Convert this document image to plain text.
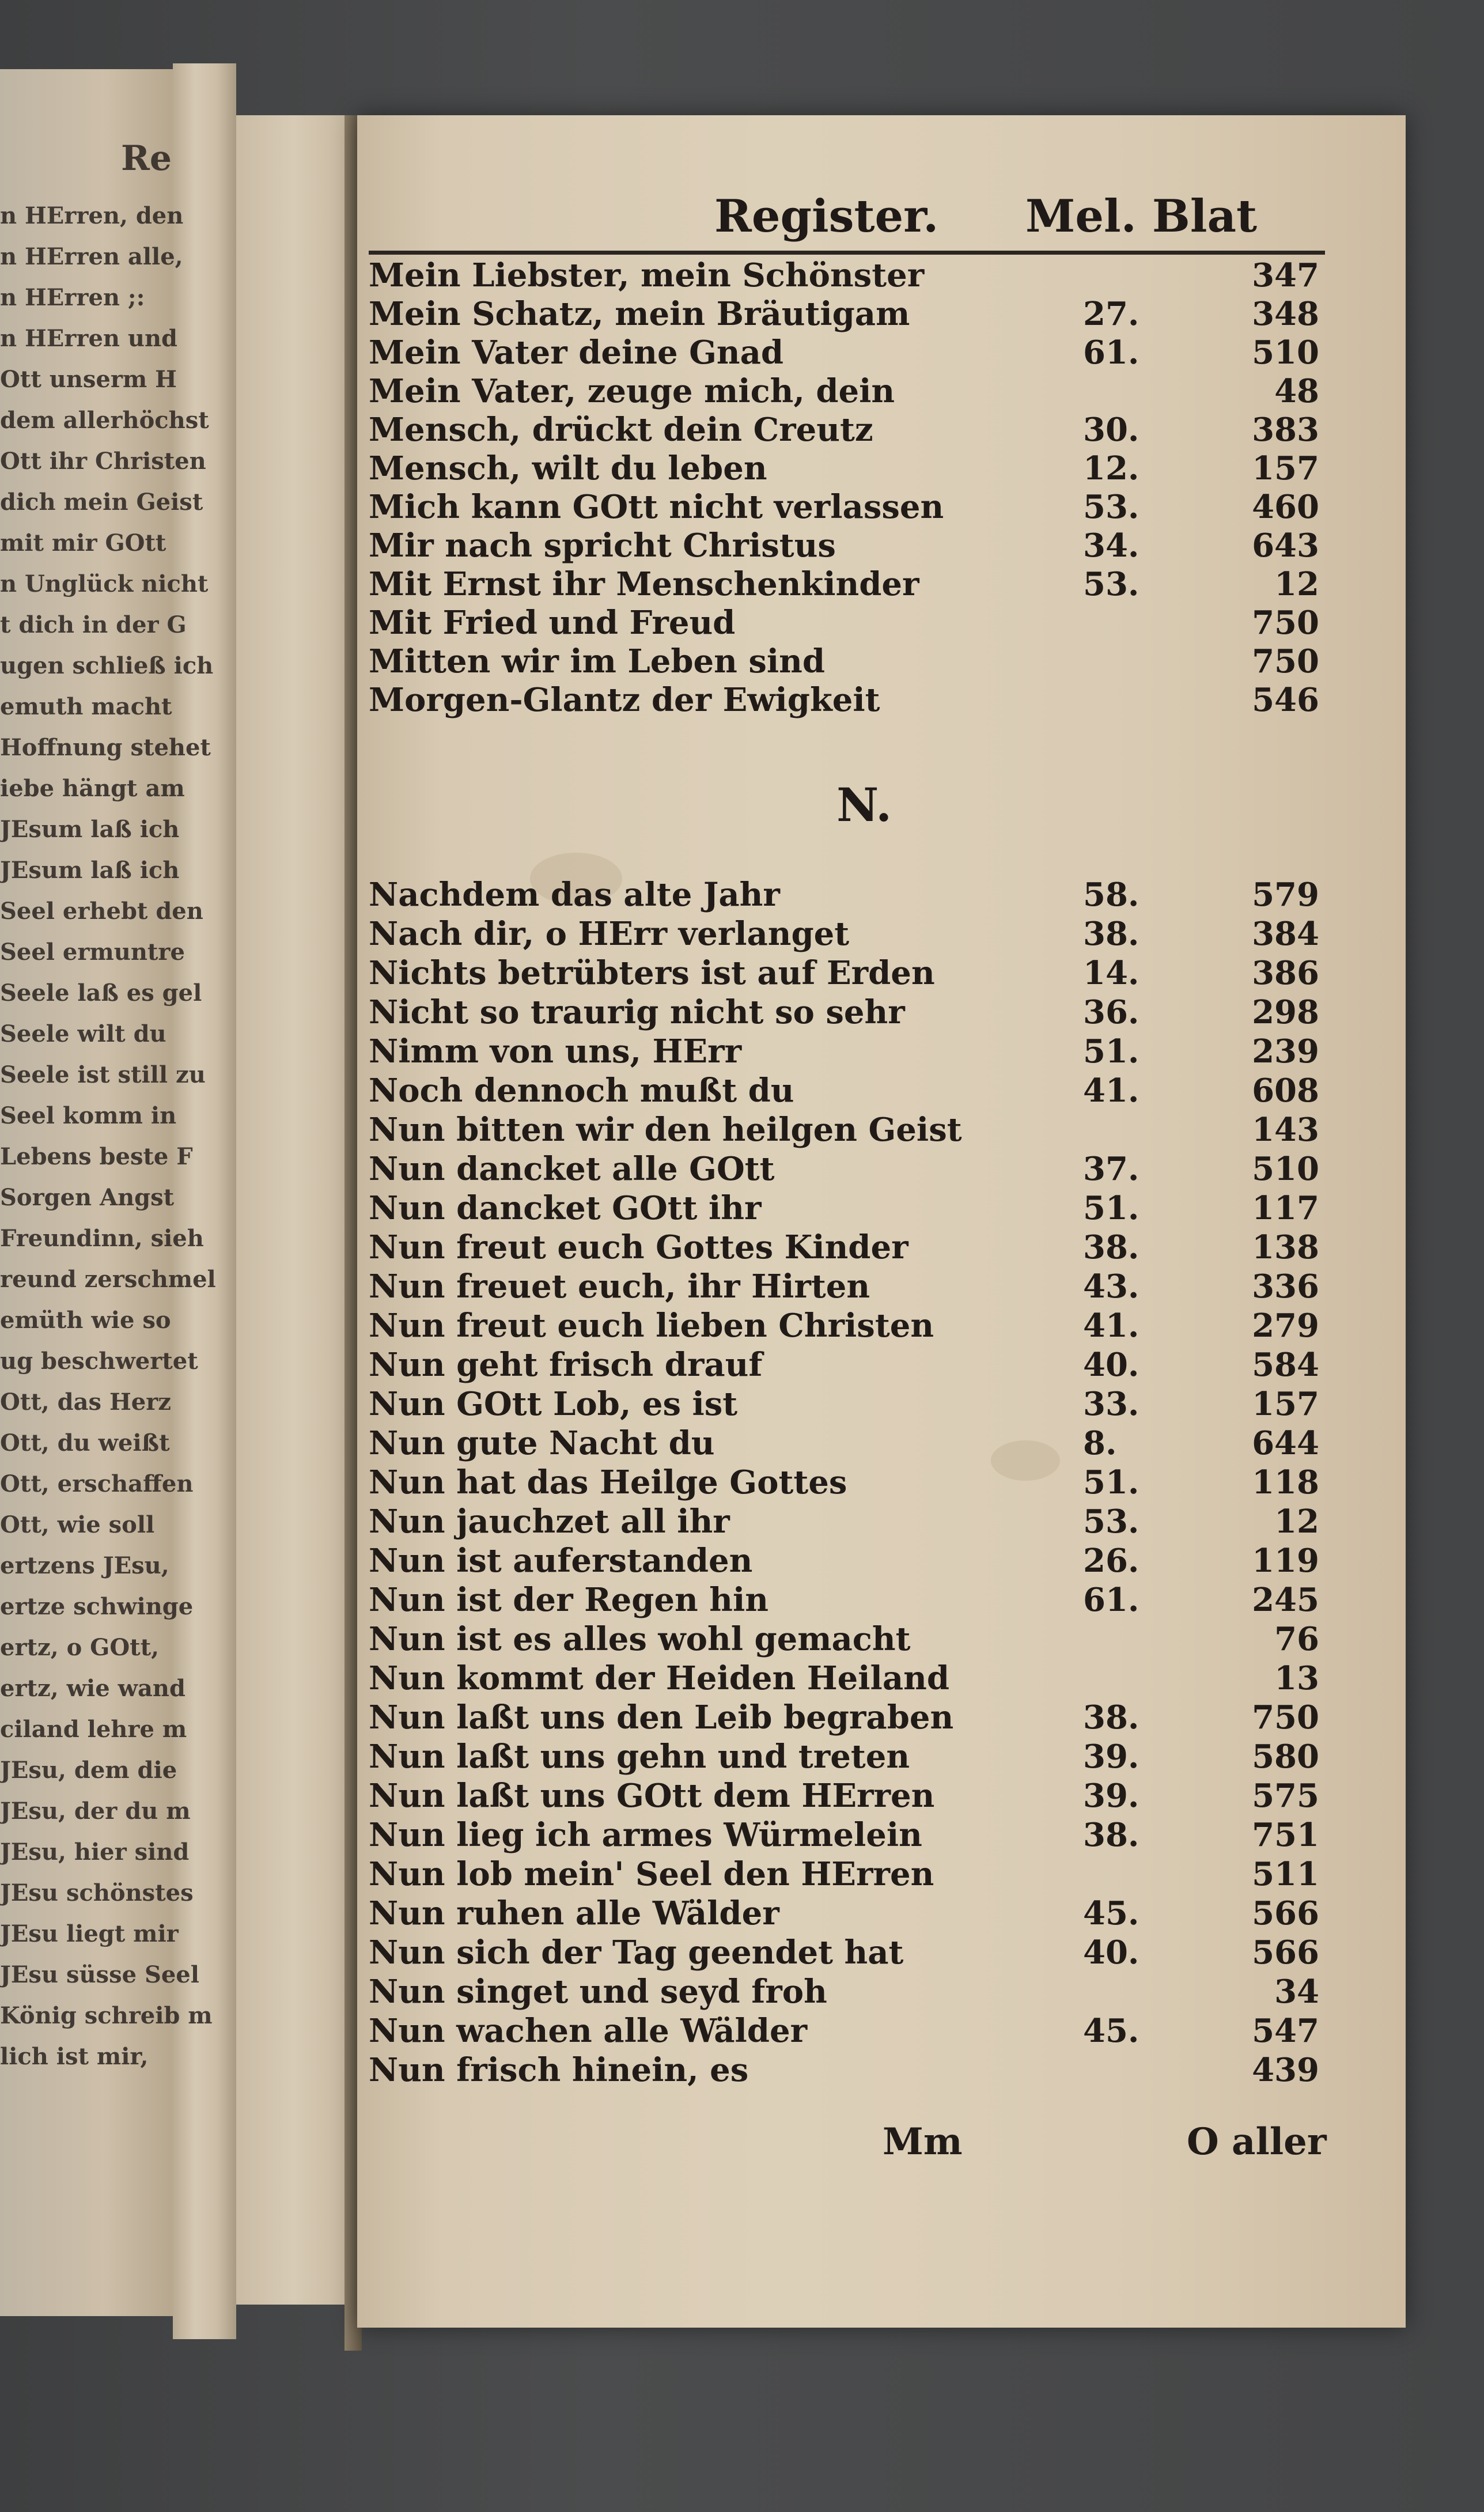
Re
n HErren, den
n HErren alle,
n HErren ;:
n HErren und
Ott unserm H
dem allerhöchst
Ott ihr Christen
dich mein Geist
mit mir GOtt
n Unglück nicht
t dich in der G
ugen schließ ich
emuth macht
Hoffnung stehet
iebe hängt am
JEsum laß ich
JEsum laß ich
Seel erhebt den
Seel ermuntre
Seele laß es gel
Seele wilt du
Seele ist still zu
Seel komm in
Lebens beste F
Sorgen Angst
Freundinn, sieh
reund zerschmel
emüth wie so
ug beschwertet
Ott, das Herz
Ott, du weißt
Ott, erschaffen
Ott, wie soll
ertzens JEsu,
ertze schwinge
ertz, o GOtt,
ertz, wie wand
ciland lehre m
JEsu, dem die
JEsu, der du m
JEsu, hier sind
JEsu schönstes
JEsu liegt mir
JEsu süsse Seel
König schreib m
lich ist mir,
Register. Mel. Blat
Mein Liebster, mein Schönster	347
Mein Schatz, mein Bräutigam	27.	348
Mein Vater deine Gnad	61.	510
Mein Vater, zeuge mich, dein	48
Mensch, drückt dein Creutz	30.	383
Mensch, wilt du leben	12.	157
Mich kann GOtt nicht verlassen	53.	460
Mir nach spricht Christus	34.	643
Mit Ernst ihr Menschenkinder	53.	12
Mit Fried und Freud	750
Mitten wir im Leben sind	750
Morgen-Glantz der Ewigkeit	546
N.
Nachdem das alte Jahr	58.	579
Nach dir, o HErr verlanget	38.	384
Nichts betrübters ist auf Erden	14.	386
Nicht so traurig nicht so sehr	36.	298
Nimm von uns, HErr	51.	239
Noch dennoch mußt du	41.	608
Nun bitten wir den heilgen Geist	143
Nun dancket alle GOtt	37.	510
Nun dancket GOtt ihr	51.	117
Nun freut euch Gottes Kinder	38.	138
Nun freuet euch, ihr Hirten	43.	336
Nun freut euch lieben Christen	41.	279
Nun geht frisch drauf	40.	584
Nun GOtt Lob, es ist	33.	157
Nun gute Nacht du	8.	644
Nun hat das Heilge Gottes	51.	118
Nun jauchzet all ihr	53.	12
Nun ist auferstanden	26.	119
Nun ist der Regen hin	61.	245
Nun ist es alles wohl gemacht	76
Nun kommt der Heiden Heiland	13
Nun laßt uns den Leib begraben	38.	750
Nun laßt uns gehn und treten	39.	580
Nun laßt uns GOtt dem HErren	39.	575
Nun lieg ich armes Würmelein	38.	751
Nun lob mein' Seel den HErren	511
Nun ruhen alle Wälder	45.	566
Nun sich der Tag geendet hat	40.	566
Nun singet und seyd froh	34
Nun wachen alle Wälder	45.	547
Nun frisch hinein, es	439
Mm	O aller
